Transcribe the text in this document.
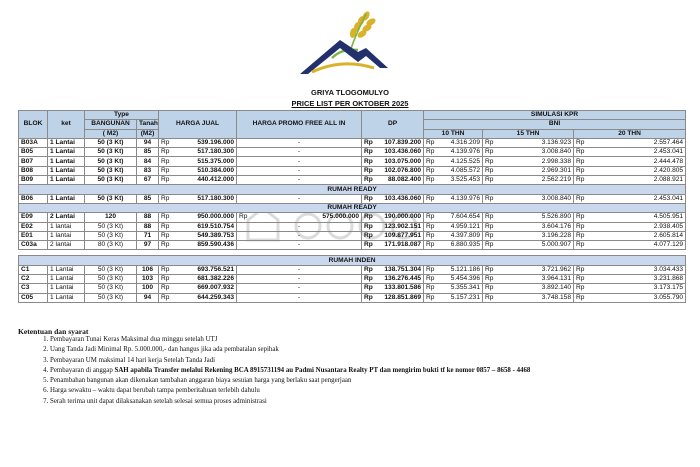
GRIYA TLOGOMULYO
PRICE LIST PER OKTOBER 2025
BLOK	ket	Type		HARGA JUAL		HARGA PROMO FREE ALL IN		DP		SIMULASI KPR					
		BANGUNAN	Tanah							BNI					

		( M2)	(M2)							10 THN		15 THN		20 THN	
B03A	1 Lantai	50 (3 Kt)	94	Rp	539.196.000	-		Rp	107.839.200	Rp	4.316.209	Rp	3.136.923	Rp	2.557.464
B05	1 Lantai	50 (3 Kt)	85	Rp	517.180.300	-		Rp	103.436.060	Rp	4.139.976	Rp	3.008.840	Rp	2.453.041
B07	1 Lantai	50 (3 Kt)	84	Rp	515.375.000	-		Rp	103.075.000	Rp	4.125.525	Rp	2.998.338	Rp	2.444.478
B08	1 Lantai	50 (3 Kt)	83	Rp	510.384.000	-		Rp	102.076.800	Rp	4.085.572	Rp	2.969.301	Rp	2.420.805
B09	1 Lantai	50 (3 Kt)	67	Rp	440.412.000	-		Rp	88.082.400	Rp	3.525.453	Rp	2.562.219	Rp	2.088.921
RUMAH READY															
B06	1 Lantai	50 (3 Kt)	85	Rp	517.180.300	-		Rp	103.436.060	Rp	4.139.976	Rp	3.008.840	Rp	2.453.041
RUMAH READY															
E09	2 Lantai	120	88	Rp	950.000.000	Rp	575.000.000	Rp	190.000.000	Rp	7.604.654	Rp	5.526.890	Rp	4.505.951
E02	1 lantai	50 (3 Kt)	88	Rp	619.510.754	-		Rp	123.902.151	Rp	4.959.121	Rp	3.604.176	Rp	2.938.405
E01	1 lantai	50 (3 Kt)	71	Rp	549.389.753	-		Rp	109.877.951	Rp	4.397.809	Rp	3.196.228	Rp	2.605.814
C03a	2 lantai	80 (3 Kt)	97	Rp	859.590.436	-		Rp	171.918.087	Rp	6.880.935	Rp	5.000.907	Rp	4.077.129

RUMAH INDEN															
C1	1 Lantai	50 (3 Kt)	106	Rp	693.756.521	-		Rp	138.751.304	Rp	5.121.186	Rp	3.721.962	Rp	3.034.433
C2	1 Lantai	50 (3 Kt)	103	Rp	681.382.226	-		Rp	136.276.445	Rp	5.454.396	Rp	3.964.131	Rp	3.231.868
C3	1 Lantai	50 (3 Kt)	100	Rp	669.007.932	-		Rp	133.801.586	Rp	5.355.341	Rp	3.892.140	Rp	3.173.175
C05	1 Lantai	50 (3 Kt)	94	Rp	644.259.343	-		Rp	128.851.869	Rp	5.157.231	Rp	3.748.158	Rp	3.055.790
Ketentuan dan syarat
1. Pembayaran Tunai Keras Maksimal dua minggu setelah UTJ
2. Uang Tanda Jadi Minimal Rp. 5.000.000,- dan hangus jika ada pembatalan sepihak
3. Pembayaran UM maksimal 14 hari kerja Setelah Tanda Jadi
4. Pembayaran di anggap SAH apabila Transfer melalui Rekening BCA 8915731194 au Padmi Nusantara Realty PT dan mengirim bukti tf ke nomor 0857 – 8658 - 4468
5. Penambahan bangunan akan dikenakan tambahan anggaran biaya sesuian harga yang berlaku saat pengerjaan
6. Harga sewaktu – waktu dapat berubah tampa pemberitahuan terlebih dahulu
7. Serah terima unit dapat dilaksanakan setelah selesai semua proses administrasi
